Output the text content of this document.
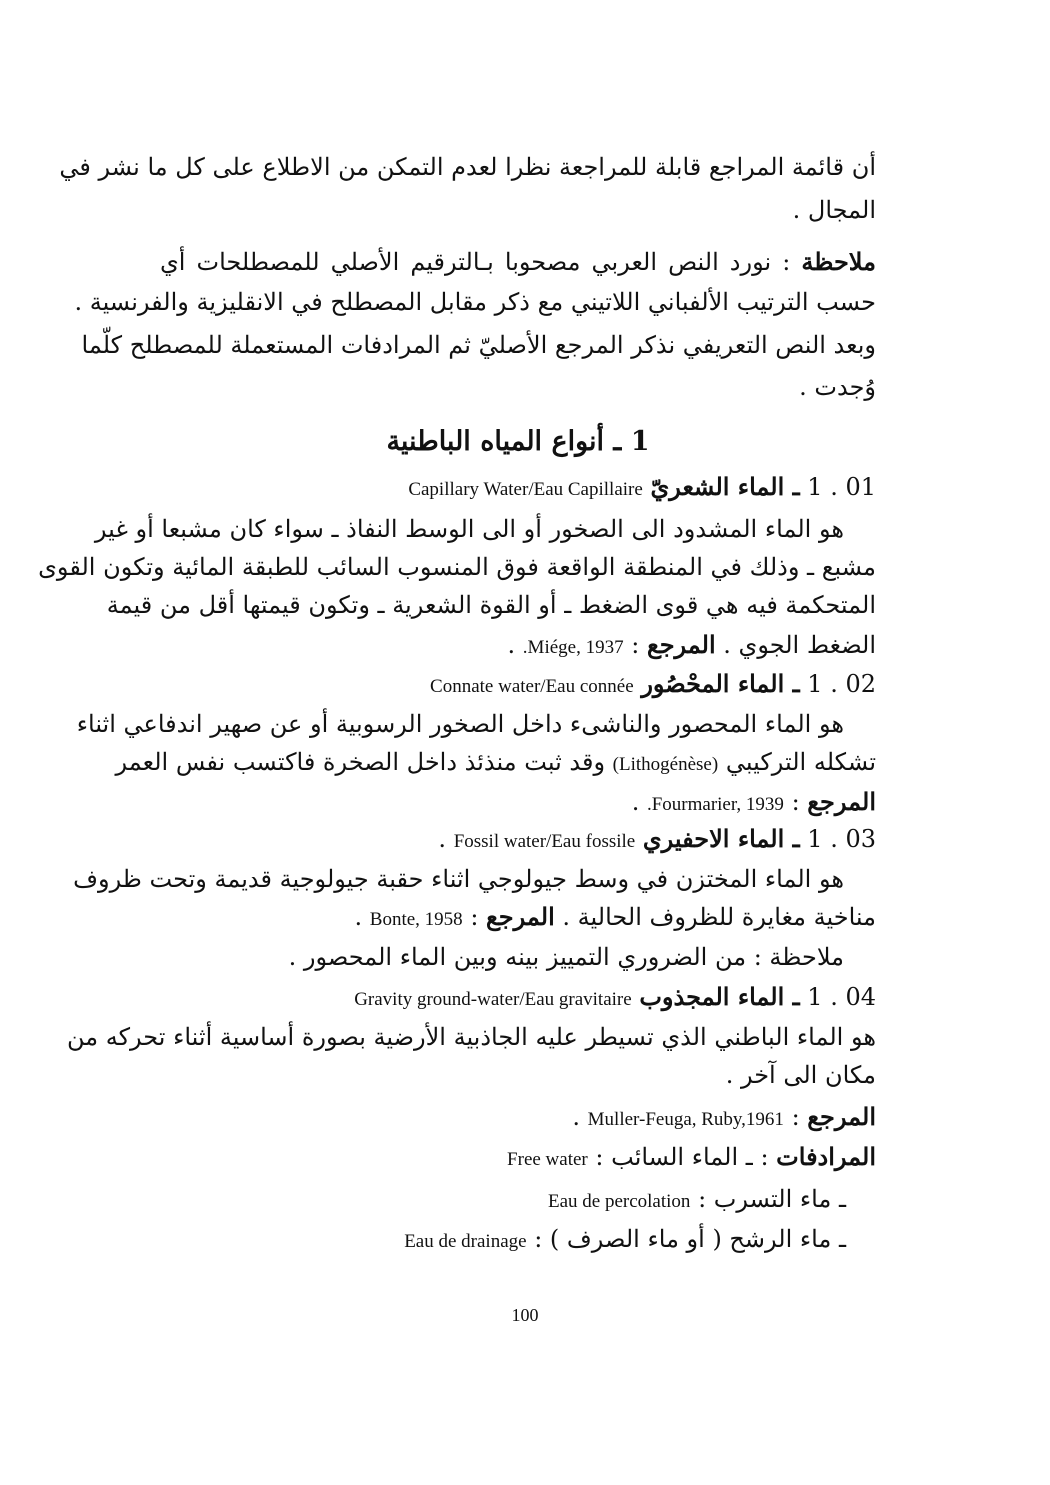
أن قائمة المراجع قابلة للمراجعة نظرا لعدم التمكن من الاطلاع على كل ما نشر في
المجال .
ملاحظة : نورد النص العربي مصحوبا بـالترقيم الأصلي للمصطلحات أي
حسب الترتيب الألفباني اللاتيني مع ذكر مقابل المصطلح في الانقليزية والفرنسية .
وبعد النص التعريفي نذكر المرجع الأصليّ ثم المرادفات المستعملة للمصطلح كلّما
وُجدت .
1 ـ أنواع المياه الباطنية
1 . 01 ـ الماء الشعريّ Capillary Water/Eau Capillaire
هو الماء المشدود الى الصخور أو الى الوسط النفاذ ـ سواء كان مشبعا أو غير
مشبع ـ وذلك في المنطقة الواقعة فوق المنسوب السائب للطبقة المائية وتكون القوى
المتحكمة فيه هي قوى الضغط ـ أو القوة الشعرية ـ وتكون قيمتها أقل من قيمة
الضغط الجوي . المرجع : Miége, 1937. .
1 . 02 ـ الماء المحْصُور Connate water/Eau connée
هو الماء المحصور والناشىء داخل الصخور الرسوبية أو عن صهير اندفاعي اثناء
تشكله التركيبي (Lithogénèse) وقد ثبت منذئذ داخل الصخرة فاكتسب نفس العمر
المرجع : Fourmarier, 1939. .
1 . 03 ـ الماء الاحفيري Fossil water/Eau fossile .
هو الماء المختزن في وسط جيولوجي اثناء حقبة جيولوجية قديمة وتحت ظروف
مناخية مغايرة للظروف الحالية . المرجع : Bonte, 1958 .
ملاحظة : من الضروري التمييز بينه وبين الماء المحصور .
1 . 04 ـ الماء المجذوب Gravity ground-water/Eau gravitaire
هو الماء الباطني الذي تسيطر عليه الجاذبية الأرضية بصورة أساسية أثناء تحركه من
مكان الى آخر .
المرجع : Muller-Feuga, Ruby,1961 .
المرادفات : ـ الماء السائب : Free water
ـ ماء التسرب : Eau de percolation
ـ ماء الرشح ( أو ماء الصرف ) : Eau de drainage
100
